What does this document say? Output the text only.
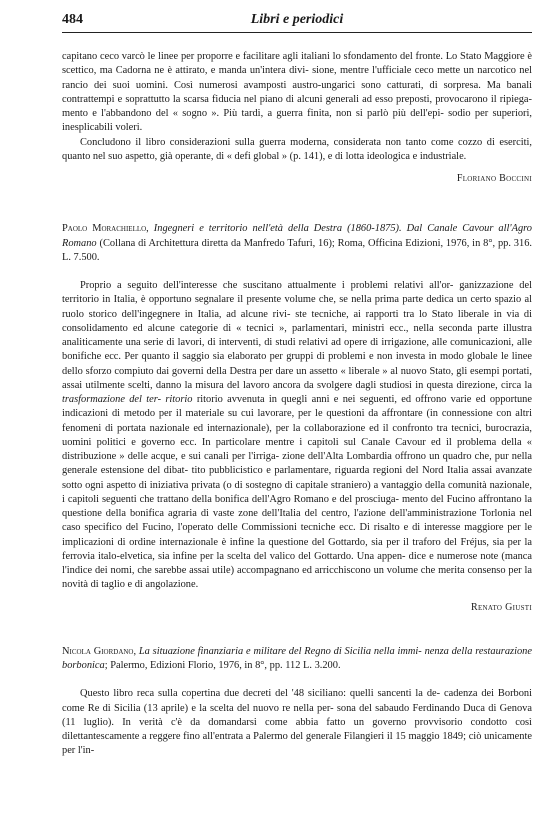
484	Libri e periodici

capitano ceco varcò le linee per proporre e facilitare agli italiani lo sfondamento del fronte. Lo Stato Maggiore è scettico, ma Cadorna ne è attirato, e manda un'intera divi- sione, mentre l'ufficiale ceco mette un narcotico nel rancio dei suoi uomini. Così numerosi avamposti austro-ungarici sono catturati, di sorpresa. Ma banali contrattempi e soprattutto la scarsa fiducia nel piano di alcuni generali ad esso preposti, provocarono il ripiega- mento e l'abbandono del « sogno ». Più tardi, a guerra finita, non si parlò più dell'epi- sodio per superiori, inesplicabili voleri.

Concludono il libro considerazioni sulla guerra moderna, considerata non tanto come cozzo di eserciti, quanto nel suo aspetto, già operante, di « defi global » (p. 141), e di lotta ideologica e industriale.

Floriano Boccini

Paolo Morachiello, Ingegneri e territorio nell'età della Destra (1860-1875). Dal Canale Cavour all'Agro Romano (Collana di Architettura diretta da Manfredo Tafuri, 16); Roma, Officina Edizioni, 1976, in 8°, pp. 316. L. 7.500.

Proprio a seguito dell'interesse che suscitano attualmente i problemi relativi all'or- ganizzazione del territorio in Italia, è opportuno segnalare il presente volume che, se nella prima parte dedica un certo spazio al ruolo storico dell'ingegnere in Italia, ad alcune rivi- ste tecniche, ai rapporti tra lo Stato liberale in via di consolidamento ed alcune categorie di « tecnici », parlamentari, ministri ecc., nella seconda parte illustra analiticamente una serie di lavori, di interventi, di studi relativi ad opere di irrigazione, alle comunicazioni, alle bonifiche ecc. Per quanto il saggio sia elaborato per gruppi di problemi e non investa in modo globale le linee dello sforzo compiuto dai governi della Destra per dare un assetto « liberale » al nuovo Stato, gli esempi portati, assai utilmente scelti, danno la misura del lavoro ancora da svolgere dagli studiosi in questa direzione, circa la trasformazione del ter- ritorio ritorio avvenuta in quegli anni e nei seguenti, ed offrono varie ed opportune indicazioni di metodo per il materiale su cui lavorare, per le questioni da affrontare (in connessione con altri fenomeni di portata nazionale ed internazionale), per la collaborazione ed il confronto tra tecnici, burocrazia, uomini politici e governo ecc. In particolare mentre i capitoli sul Canale Cavour ed il problema della « distribuzione » delle acque, e sui canali per l'irriga- zione dell'Alta Lombardia offrono un quadro che, pur nella generale estensione del dibat- tito pubblicistico e parlamentare, riguarda regioni del Nord Italia assai avanzate sotto ogni aspetto di iniziativa privata (o di sostegno di capitale straniero) a vantaggio della comunità nazionale, i capitoli seguenti che trattano della bonifica dell'Agro Romano e del prosciuga- mento del Fucino affrontano la questione della bonifica agraria di vaste zone dell'Italia del centro, l'azione dell'amministrazione Torlonia nel caso specifico del Fucino, l'operato delle Commissioni tecniche ecc. Di risalto e di interesse maggiore per le implicazioni di ordine internazionale è infine la questione del Gottardo, sia per il traforo del Fréjus, sia per la ferrovia italo-elvetica, sia infine per la scelta del valico del Gottardo. Una appen- dice e numerose note (manca l'indice dei nomi, che sarebbe assai utile) accompagnano ed arricchiscono un volume che merita consenso per la novità di taglio e di angolazione.

Renato Giusti

Nicola Giordano, La situazione finanziaria e militare del Regno di Sicilia nella immi- nenza della restaurazione borbonica; Palermo, Edizioni Florio, 1976, in 8°, pp. 112 L. 3.200.

Questo libro reca sulla copertina due decreti del '48 siciliano: quelli sancenti la de- cadenza dei Borboni come Re di Sicilia (13 aprile) e la scelta del nuovo re nella per- sona del sabaudo Ferdinando Duca di Genova (11 luglio). In verità c'è da domandarsi come abbia fatto un governo provvisorio condotto così dilettantescamente a reggere fino all'entrata a Palermo del generale Filangieri il 15 maggio 1849; ciò unicamente per l'in-
